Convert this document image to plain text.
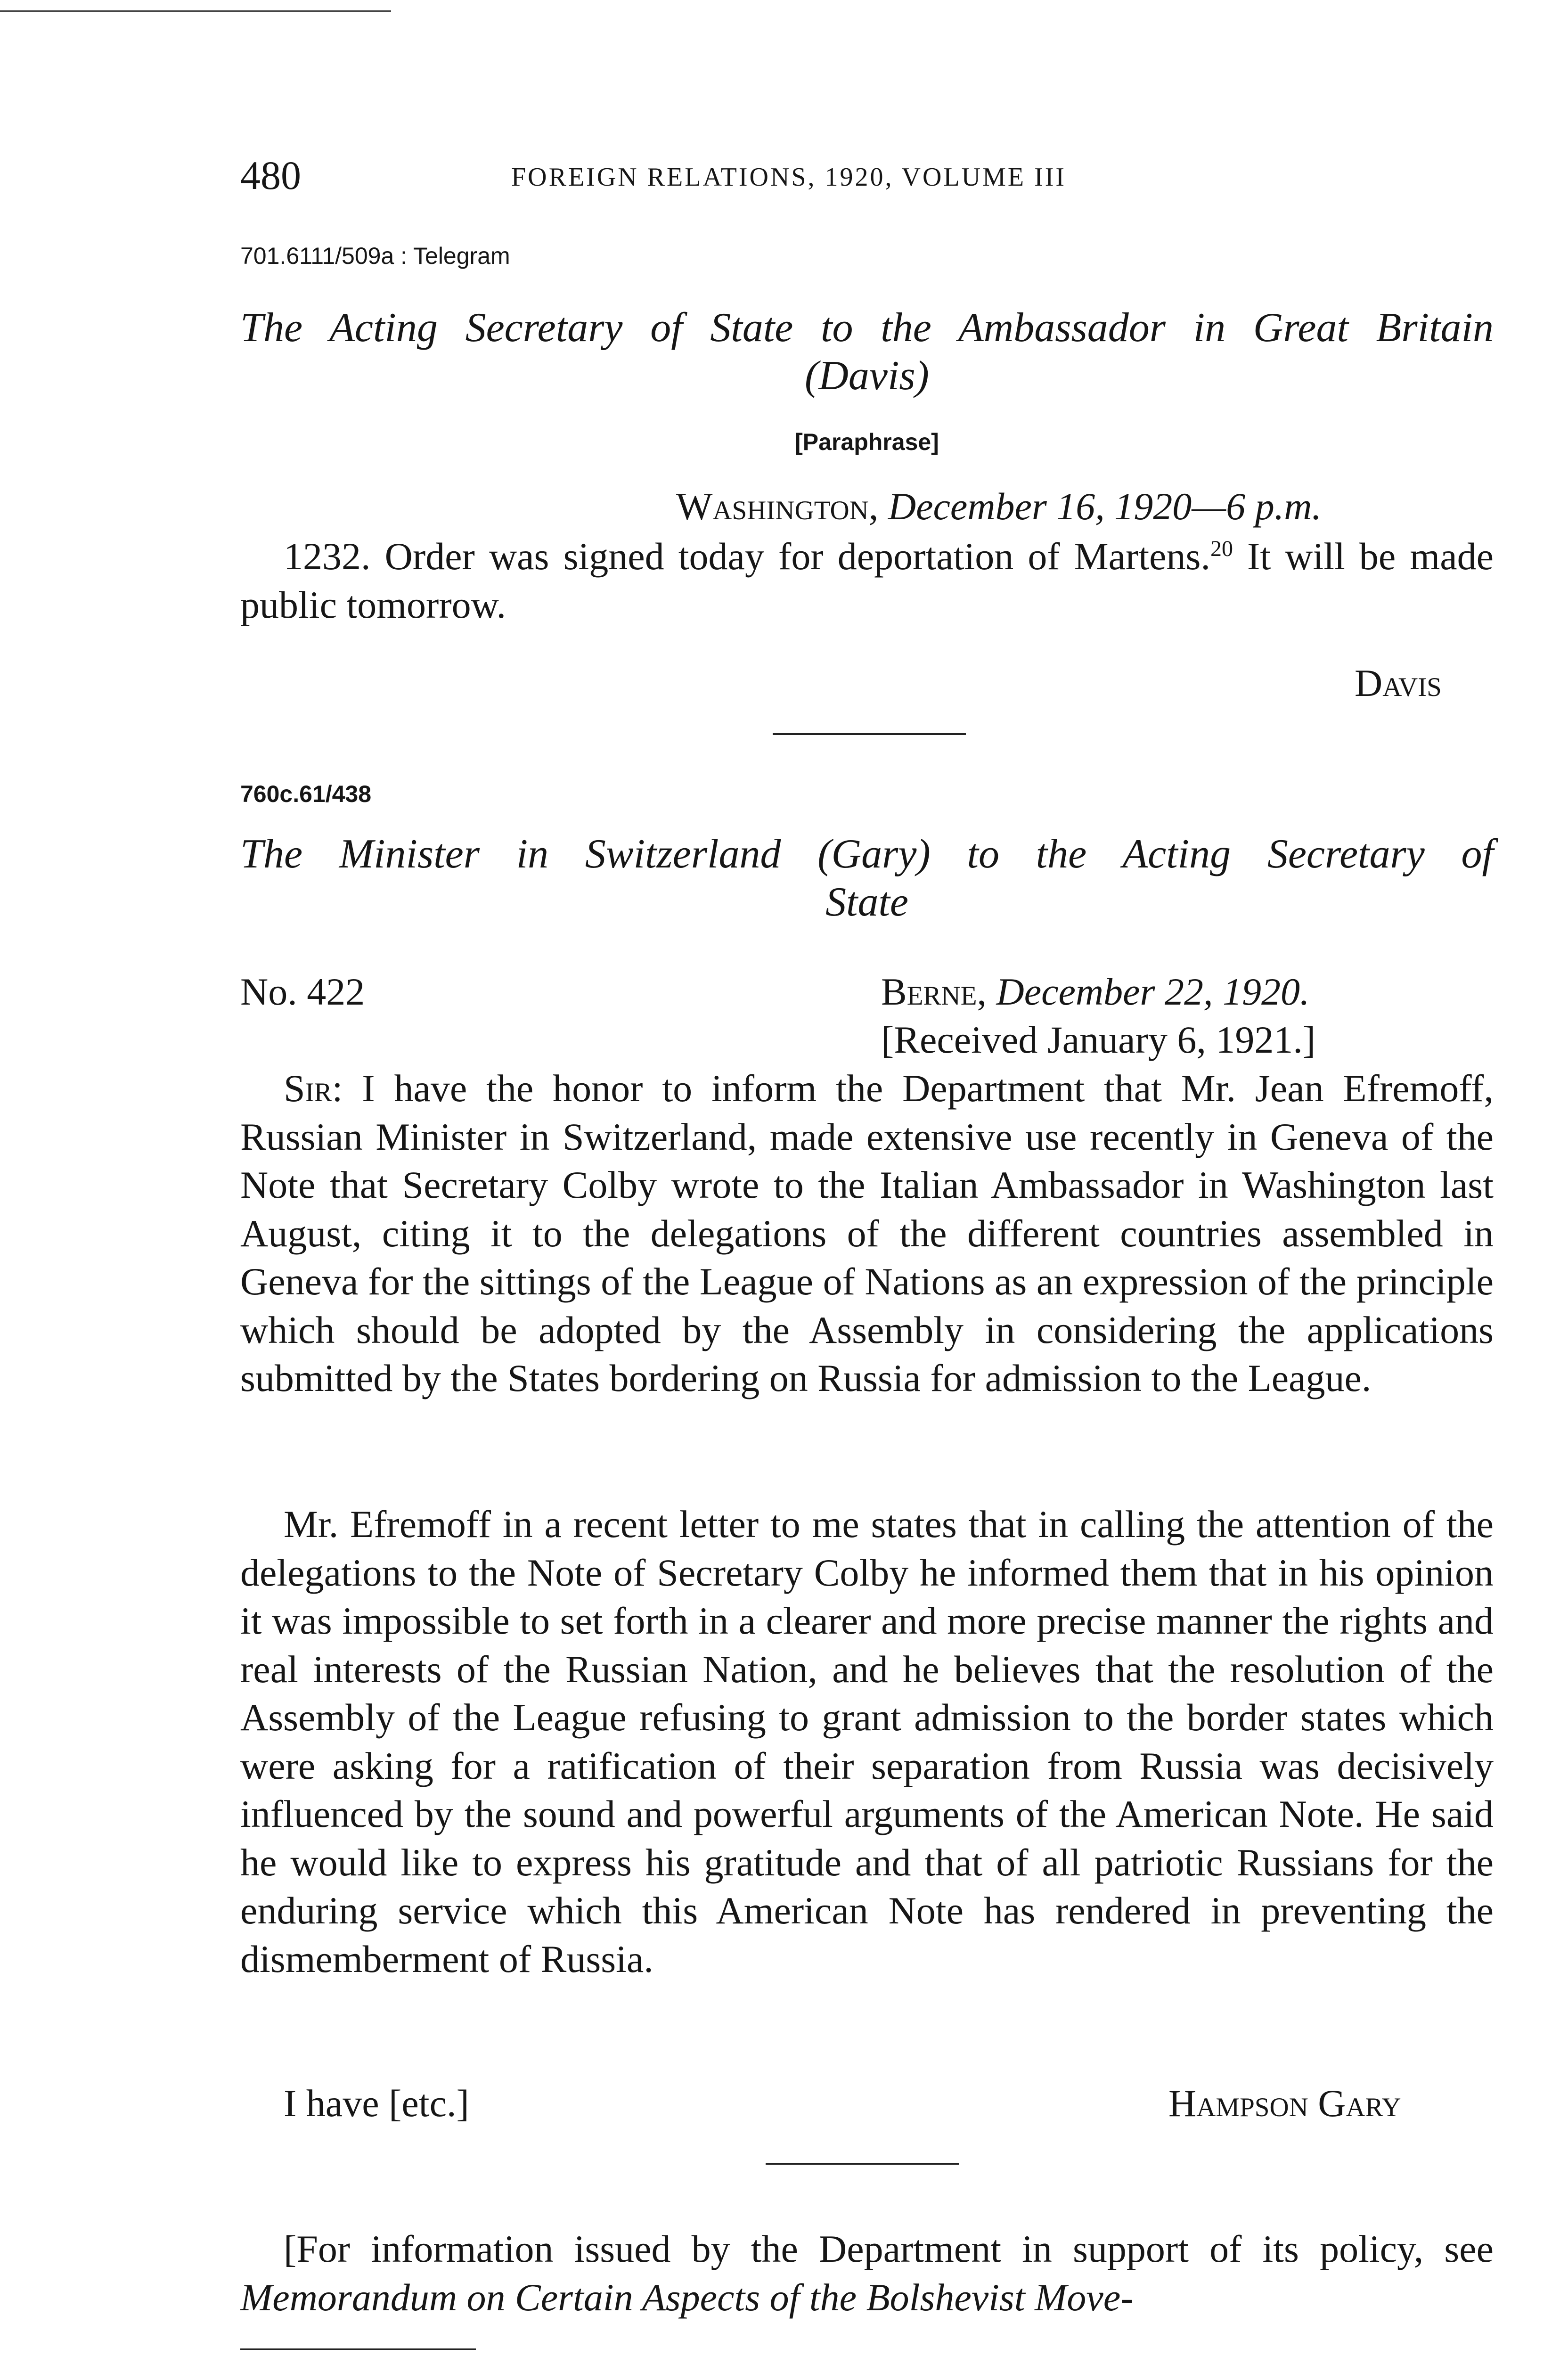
480	FOREIGN RELATIONS, 1920, VOLUME III
701.6111/509a : Telegram
The Acting Secretary of State to the Ambassador in Great Britain
(Davis)
[Paraphrase]
Washington, December 16, 1920—6 p.m.
1232. Order was signed today for deportation of Martens.$^{20}$ It will be made public tomorrow.
Davis
760c.61/438
The Minister in Switzerland (Gary) to the Acting Secretary of
State
No. 422	Berne, December 22, 1920.
[Received January 6, 1921.]
Sir: I have the honor to inform the Department that Mr. Jean Efremoff, Russian Minister in Switzerland, made extensive use recently in Geneva of the Note that Secretary Colby wrote to the Italian Ambassador in Washington last August, citing it to the delegations of the different countries assembled in Geneva for the sittings of the League of Nations as an expression of the principle which should be adopted by the Assembly in considering the applications submitted by the States bordering on Russia for admission to the League.
Mr. Efremoff in a recent letter to me states that in calling the attention of the delegations to the Note of Secretary Colby he informed them that in his opinion it was impossible to set forth in a clearer and more precise manner the rights and real interests of the Russian Nation, and he believes that the resolution of the Assembly of the League refusing to grant admission to the border states which were asking for a ratification of their separation from Russia was decisively influenced by the sound and powerful arguments of the American Note. He said he would like to express his gratitude and that of all patriotic Russians for the enduring service which this American Note has rendered in preventing the dismemberment of Russia.
I have [etc.]	Hampson Gary
[For information issued by the Department in support of its policy, see Memorandum on Certain Aspects of the Bolshevist Move-
